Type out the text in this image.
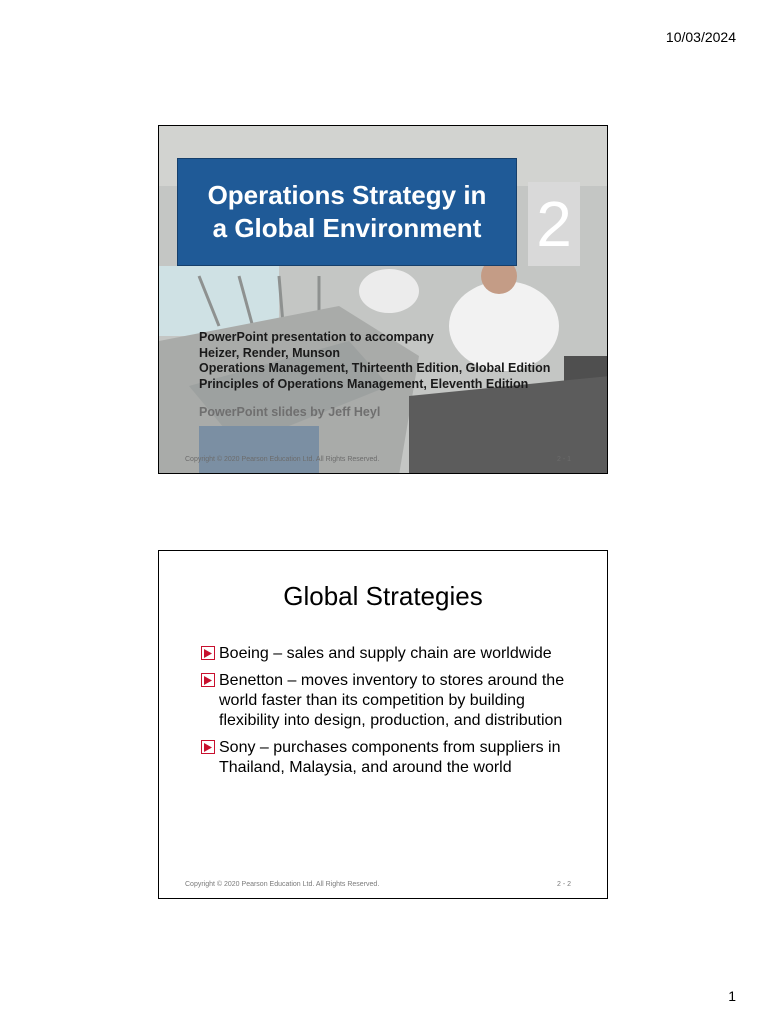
10/03/2024
Operations Strategy in
a Global Environment 2
PowerPoint presentation to accompany
Heizer, Render, Munson
Operations Management, Thirteenth Edition, Global Edition
Principles of Operations Management, Eleventh Edition
PowerPoint slides by Jeff Heyl
Copyright © 2020 Pearson Education Ltd. All Rights Reserved.	2 - 1
Global Strategies
Boeing – sales and supply chain are worldwide
Benetton – moves inventory to stores around the world faster than its competition by building flexibility into design, production, and distribution
Sony – purchases components from suppliers in Thailand, Malaysia, and around the world
Copyright © 2020 Pearson Education Ltd. All Rights Reserved.	2 - 2
1
